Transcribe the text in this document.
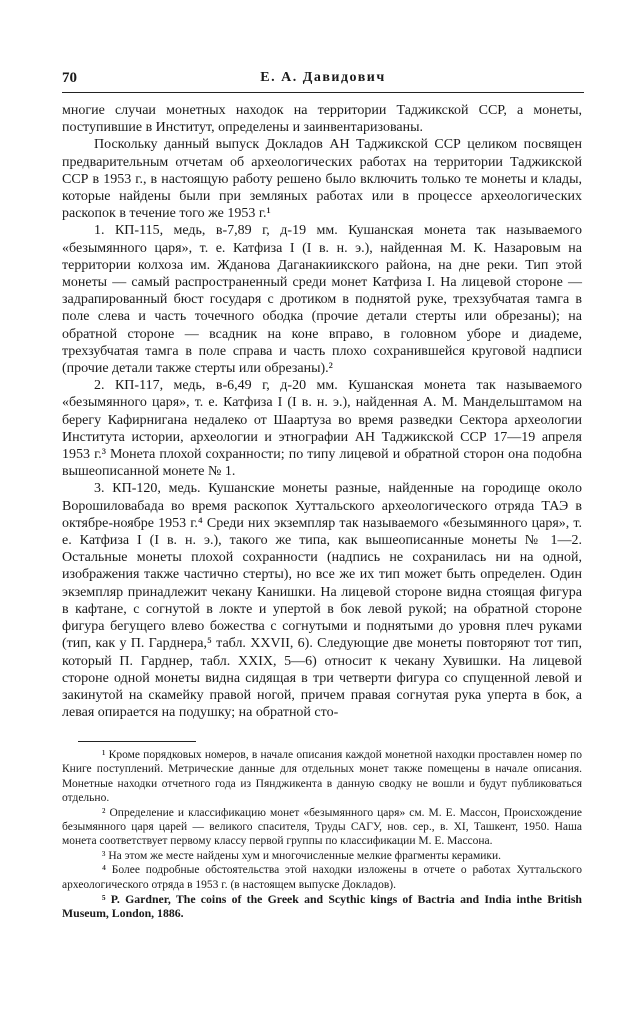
70	Е. А. Давидович

многие случаи монетных находок на территории Таджикской ССР, а монеты, поступившие в Институт, определены и заинвентаризованы.

Поскольку данный выпуск Докладов АН Таджикской ССР целиком посвящен предварительным отчетам об археологических работах на территории Таджикской ССР в 1953 г., в настоящую работу решено было включить только те монеты и клады, которые найдены были при земляных работах или в процессе археологических раскопок в течение того же 1953 г.¹

1. КП-115, медь, в-7,89 г, д-19 мм. Кушанская монета так называемого «безымянного царя», т. е. Катфиза I (I в. н. э.), найденная М. К. Назаровым на территории колхоза им. Жданова Даганакиикского района, на дне реки. Тип этой монеты — самый распространенный среди монет Катфиза I. На лицевой стороне — задрапированный бюст государя с дротиком в поднятой руке, трехзубчатая тамга в поле слева и часть точечного ободка (прочие детали стерты или обрезаны); на обратной стороне — всадник на коне вправо, в головном уборе и диадеме, трехзубчатая тамга в поле справа и часть плохо сохранившейся круговой надписи (прочие детали также стерты или обрезаны).²

2. КП-117, медь, в-6,49 г, д-20 мм. Кушанская монета так называемого «безымянного царя», т. е. Катфиза I (I в. н. э.), найденная А. М. Мандельштамом на берегу Кафирнигана недалеко от Шаартуза во время разведки Сектора археологии Института истории, археологии и этнографии АН Таджикской ССР 17—19 апреля 1953 г.³ Монета плохой сохранности; по типу лицевой и обратной сторон она подобна вышеописанной монете № 1.

3. КП-120, медь. Кушанские монеты разные, найденные на городище около Ворошиловабада во время раскопок Хуттальского археологического отряда ТАЭ в октябре-ноябре 1953 г.⁴ Среди них экземпляр так называемого «безымянного царя», т. е. Катфиза I (I в. н. э.), такого же типа, как вышеописанные монеты № 1—2. Остальные монеты плохой сохранности (надпись не сохранилась ни на одной, изображения также частично стерты), но все же их тип может быть определен. Один экземпляр принадлежит чекану Канишки. На лицевой стороне видна стоящая фигура в кафтане, с согнутой в локте и упертой в бок левой рукой; на обратной стороне фигура бегущего влево божества с согнутыми и поднятыми до уровня плеч руками (тип, как у П. Гарднера,⁵ табл. XXVII, 6). Следующие две монеты повторяют тот тип, который П. Гарднер, табл. XXIX, 5—6) относит к чекану Хувишки. На лицевой стороне одной монеты видна сидящая в три четверти фигура со спущенной левой и закинутой на скамейку правой ногой, причем правая согнутая рука уперта в бок, а левая опирается на подушку; на обратной сто-

¹ Кроме порядковых номеров, в начале описания каждой монетной находки проставлен номер по Книге поступлений. Метрические данные для отдельных монет также помещены в начале описания. Монетные находки отчетного года из Пянджикента в данную сводку не вошли и будут публиковаться отдельно.

² Определение и классификацию монет «безымянного царя» см. М. Е. Массон, Происхождение безымянного царя царей — великого спасителя, Труды САГУ, нов. сер., в. XI, Ташкент, 1950. Наша монета соответствует первому классу первой группы по классификации М. Е. Массона.

³ На этом же месте найдены хум и многочисленные мелкие фрагменты керамики.

⁴ Более подробные обстоятельства этой находки изложены в отчете о работах Хуттальского археологического отряда в 1953 г. (в настоящем выпуске Докладов).

⁵ P. Gardner, The coins of the Greek and Scythic kings of Bactria and India inthe British Museum, London, 1886.
